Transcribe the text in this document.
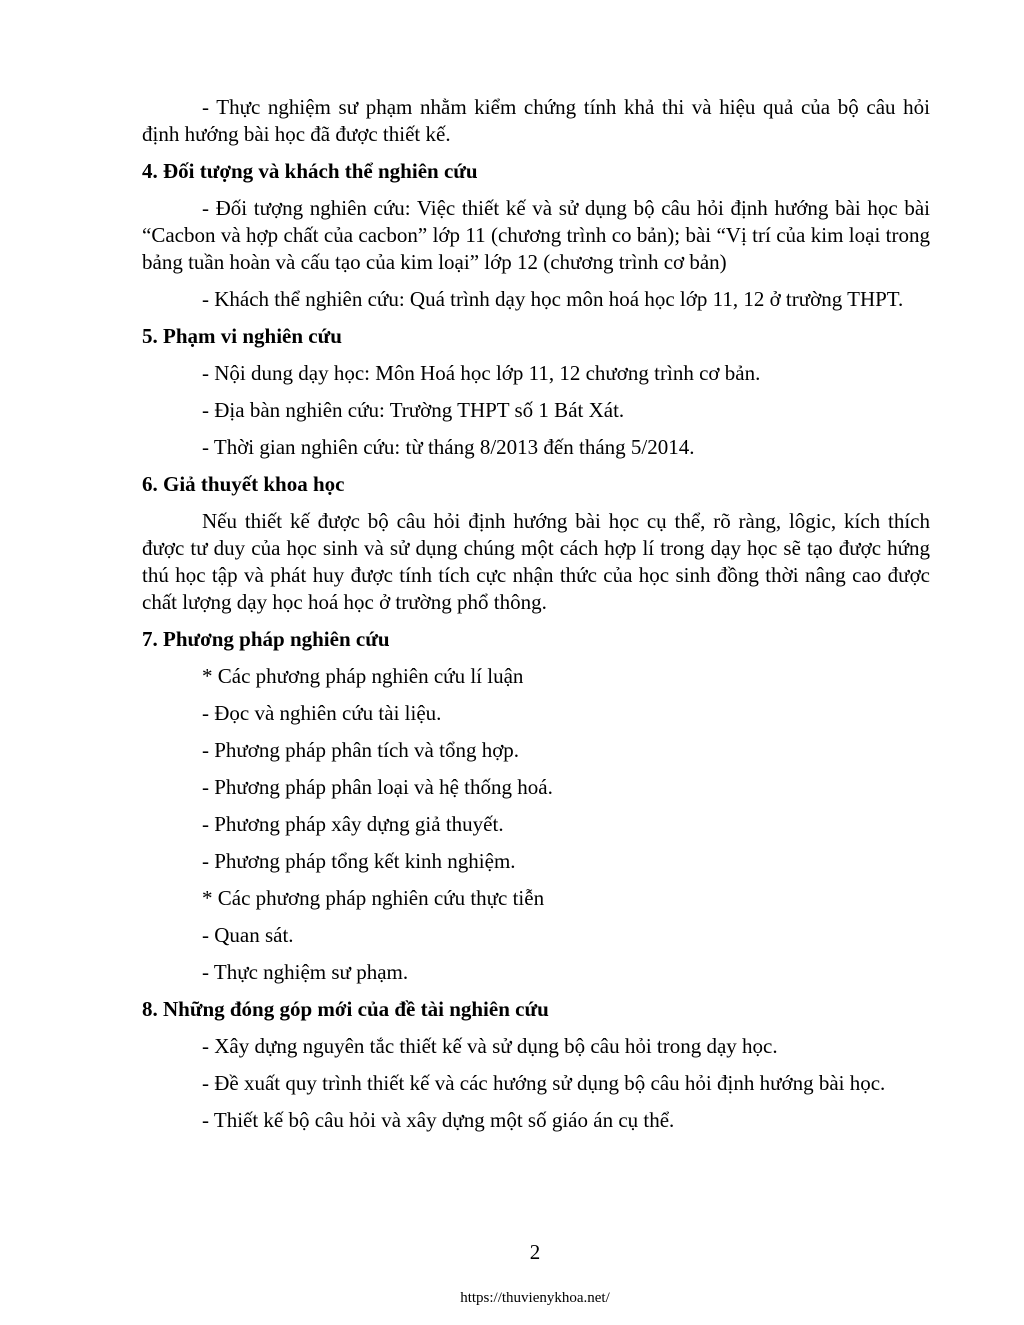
- Thực nghiệm sư phạm nhằm kiểm chứng tính khả thi và hiệu quả của bộ câu hỏi định hướng bài học đã được thiết kế.

4. Đối tượng và khách thể nghiên cứu

- Đối tượng nghiên cứu: Việc thiết kế và sử dụng bộ câu hỏi định hướng bài học bài “Cacbon và hợp chất của cacbon” lớp 11 (chương trình co bản); bài “Vị trí của kim loại trong bảng tuần hoàn và cấu tạo của kim loại” lớp 12 (chương trình cơ bản)

- Khách thể nghiên cứu: Quá trình dạy học môn hoá học lớp 11, 12 ở trường THPT.

5. Phạm vi nghiên cứu
- Nội dung dạy học: Môn Hoá học lớp 11, 12 chương trình cơ bản.
- Địa bàn nghiên cứu: Trường THPT số 1 Bát Xát.
- Thời gian nghiên cứu: từ tháng 8/2013 đến tháng 5/2014.
6. Giả thuyết khoa học

Nếu thiết kế được bộ câu hỏi định hướng bài học cụ thể, rõ ràng, lôgic, kích thích được tư duy của học sinh và sử dụng chúng một cách hợp lí trong dạy học sẽ tạo được hứng thú học tập và phát huy được tính tích cực nhận thức của học sinh đồng thời nâng cao được chất lượng dạy học hoá học ở trường phổ thông.

7. Phương pháp nghiên cứu
* Các phương pháp nghiên cứu lí luận
- Đọc và nghiên cứu tài liệu.
- Phương pháp phân tích và tổng hợp.
- Phương pháp phân loại và hệ thống hoá.
- Phương pháp xây dựng giả thuyết.
- Phương pháp tổng kết kinh nghiệm.
* Các phương pháp nghiên cứu thực tiễn
- Quan sát.
- Thực nghiệm sư phạm.
8. Những đóng góp mới của đề tài nghiên cứu
- Xây dựng nguyên tắc thiết kế và sử dụng bộ câu hỏi trong dạy học.

- Đề xuất quy trình thiết kế và các hướng sử dụng bộ câu hỏi định hướng bài học.

- Thiết kế bộ câu hỏi và xây dựng một số giáo án cụ thể.
2
https://thuvienykhoa.net/
